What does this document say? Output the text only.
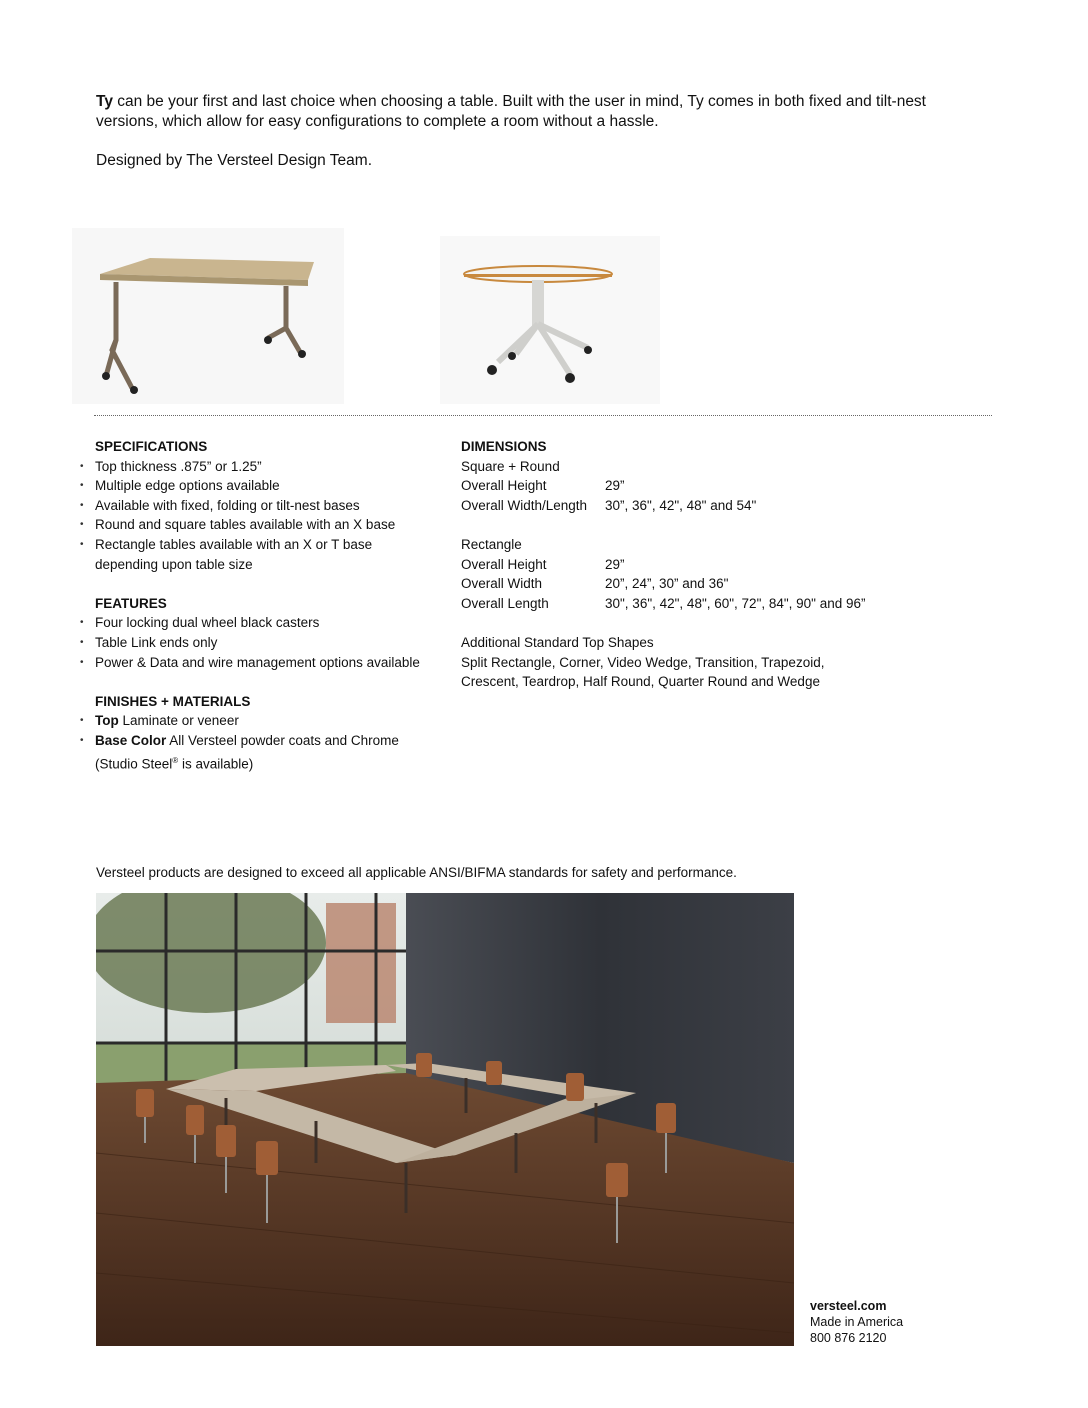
Ty can be your first and last choice when choosing a table. Built with the user in mind, Ty comes in both fixed and tilt-nest versions, which allow for easy configurations to complete a room without a hassle.

Designed by The Versteel Design Team.

SPECIFICATIONS
• Top thickness .875” or 1.25”
• Multiple edge options available
• Available with fixed, folding or tilt-nest bases
• Round and square tables available with an X base
• Rectangle tables available with an X or T base depending upon table size
FEATURES
• Four locking dual wheel black casters
• Table Link ends only
• Power & Data and wire management options available
FINISHES + MATERIALS
• Top Laminate or veneer
• Base Color All Versteel powder coats and Chrome (Studio Steel® is available)
DIMENSIONS
Square + Round
Overall Height	29”
Overall Width/Length	30”, 36", 42", 48" and 54"
Rectangle
Overall Height	29”
Overall Width	20”, 24”, 30” and 36"
Overall Length	30", 36", 42", 48", 60", 72", 84", 90" and 96”
Additional Standard Top Shapes
Split Rectangle, Corner, Video Wedge, Transition, Trapezoid, Crescent, Teardrop, Half Round, Quarter Round and Wedge
Versteel products are designed to exceed all applicable ANSI/BIFMA standards for safety and performance.
versteel.com
Made in America
800 876 2120
